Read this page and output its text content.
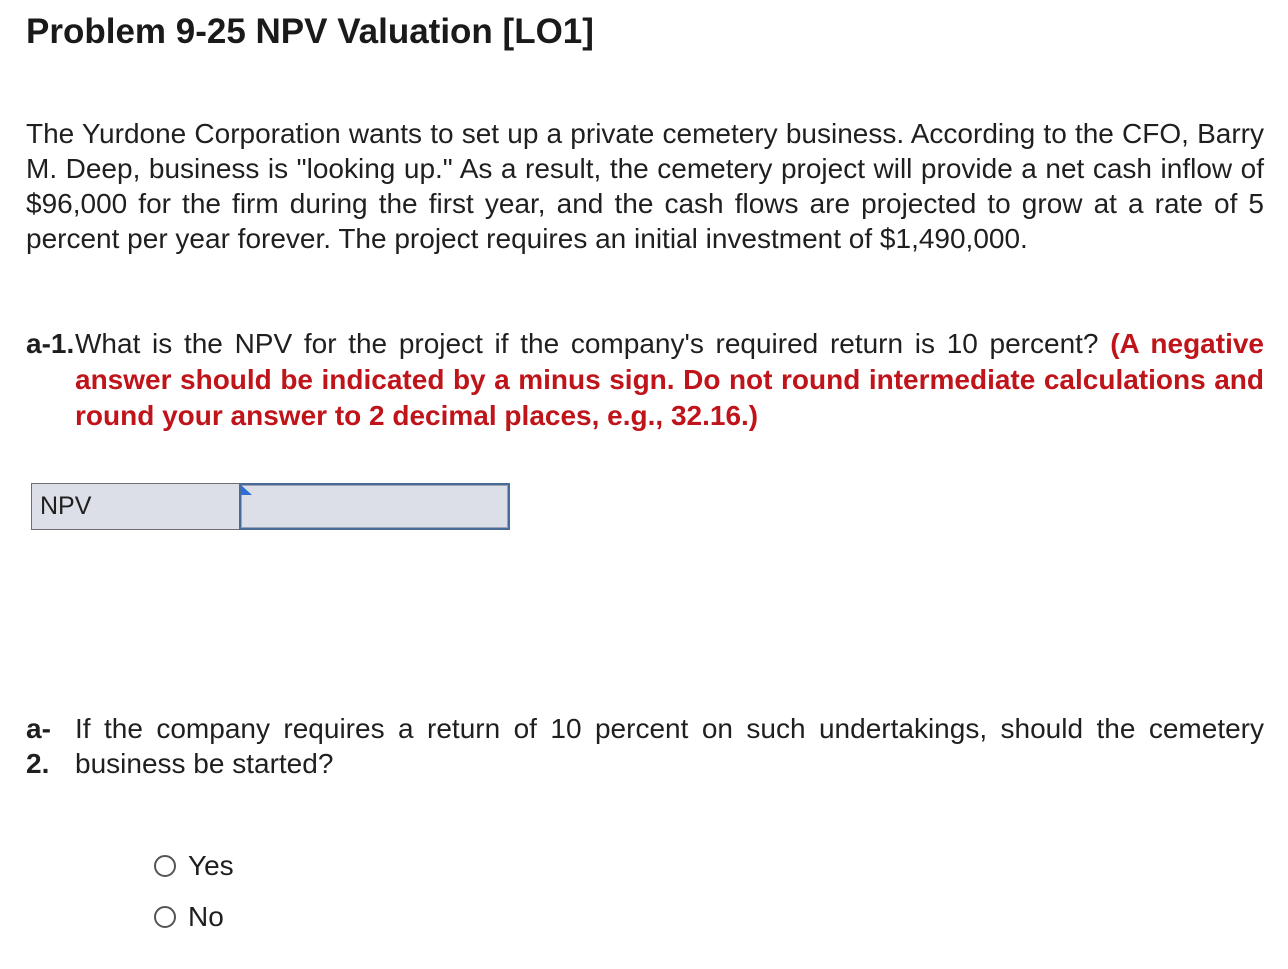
Problem 9-25 NPV Valuation [LO1]
The Yurdone Corporation wants to set up a private cemetery business. According to the CFO, Barry M. Deep, business is "looking up." As a result, the cemetery project will provide a net cash inflow of $96,000 for the firm during the first year, and the cash flows are projected to grow at a rate of 5 percent per year forever. The project requires an initial investment of $1,490,000.
a-1. What is the NPV for the project if the company's required return is 10 percent? (A negative answer should be indicated by a minus sign. Do not round intermediate calculations and round your answer to 2 decimal places, e.g., 32.16.)
NPV
a-
2.
If the company requires a return of 10 percent on such undertakings, should the cemetery business be started?
Yes
No
